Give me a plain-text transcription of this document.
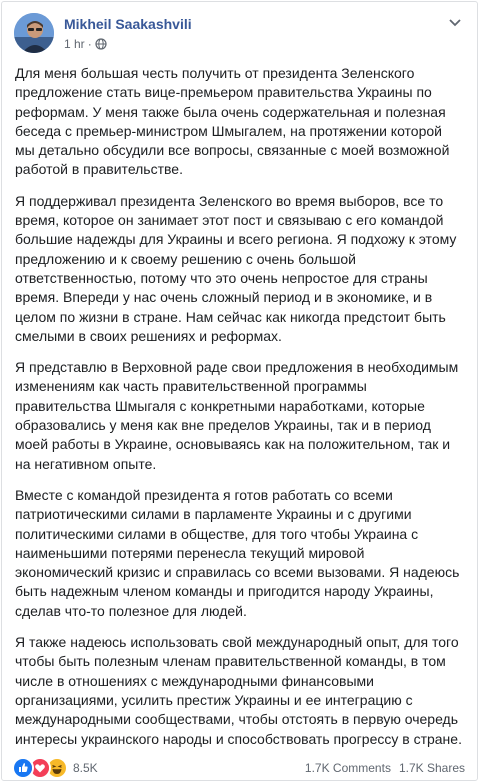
Mikheil Saakashvili
1 hr ·

Для меня большая честь получить от президента Зеленского предложение стать вице-премьером правительства Украины по реформам. У меня также была очень содержательная и полезная беседа с премьер-министром Шмыгалем, на протяжении которой мы детально обсудили все вопросы, связанные с моей возможной работой в правительстве.

Я поддерживал президента Зеленского во время выборов, все то время, которое он занимает этот пост и связываю с его командой большие надежды для Украины и всего региона. Я подхожу к этому предложению и к своему решению с очень большой ответственностью, потому что это очень непростое для страны время. Впереди у нас очень сложный период и в экономике, и в целом по жизни в стране. Нам сейчас как никогда предстоит быть смелыми в своих решениях и реформах.

Я представлю в Верховной раде свои предложения в необходимым изменениям как часть правительственной программы правительства Шмыгаля с конкретными наработками, которые образовались у меня как вне пределов Украины, так и в период моей работы в Украине, основываясь как на положительном, так и на негативном опыте.

Вместе с командой президента я готов работать со всеми патриотическими силами в парламенте Украины и с другими политическими силами в обществе, для того чтобы Украина с наименьшими потерями перенесла текущий мировой экономический кризис и справилась со всеми вызовами. Я надеюсь быть надежным членом команды и пригодится народу Украины, сделав что-то полезное для людей.

Я также надеюсь использовать свой международный опыт, для того чтобы быть полезным членам правительственной команды, в том числе в отношениях с международными финансовыми организациями, усилить престиж Украины и ее интеграцию с международными сообществами, чтобы отстоять в первую очередь интересы украинского народы и способствовать прогрессу в стране.

8.5K	1.7K Comments 1.7K Shares
